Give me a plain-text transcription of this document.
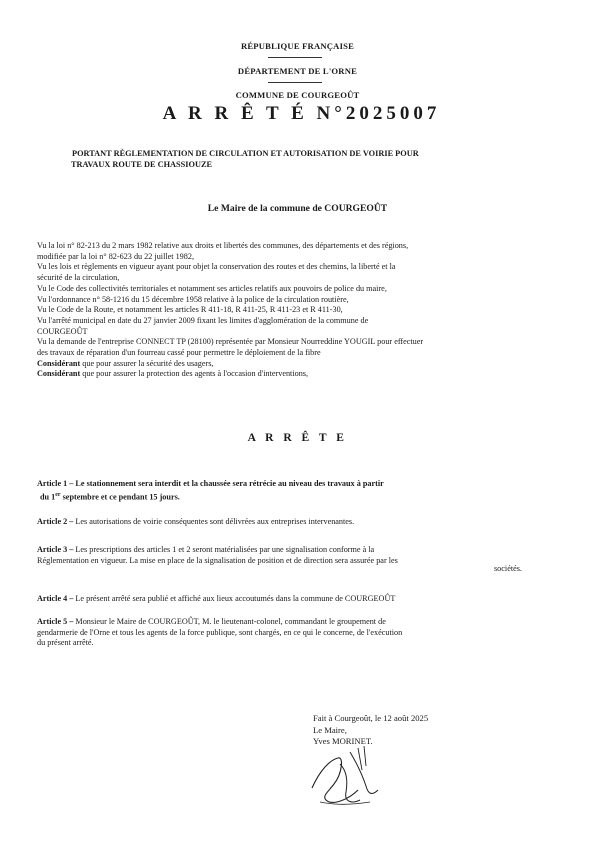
RÉPUBLIQUE FRANÇAISE
DÉPARTEMENT DE L'ORNE
COMMUNE DE COURGEOÛT
A R R Ê T É N°2025007
PORTANT RÈGLEMENTATION DE CIRCULATION ET AUTORISATION DE VOIRIE POUR
TRAVAUX ROUTE DE CHASSIOUZE
Le Maire de la commune de COURGEOÛT
Vu la loi n° 82-213 du 2 mars 1982 relative aux droits et libertés des communes, des départements et des régions,
modifiée par la loi n° 82-623 du 22 juillet 1982,
Vu les lois et règlements en vigueur ayant pour objet la conservation des routes et des chemins, la liberté et la
sécurité de la circulation,
Vu le Code des collectivités territoriales et notamment ses articles relatifs aux pouvoirs de police du maire,
Vu l'ordonnance n° 58-1216 du 15 décembre 1958 relative à la police de la circulation routière,
Vu le Code de la Route, et notamment les articles R 411-18, R 411-25, R 411-23 et R 411-30,
Vu l'arrêté municipal en date du 27 janvier 2009 fixant les limites d'agglomération de la commune de
COURGEOÛT
Vu la demande de l'entreprise CONNECT TP (28100) représentée par Monsieur Nourreddine YOUGIL pour effectuer
des travaux de réparation d'un fourreau cassé pour permettre le déploiement de la fibre
Considérant que pour assurer la sécurité des usagers,
Considérant que pour assurer la protection des agents à l'occasion d'interventions,
A R R Ê T E
Article 1 – Le stationnement sera interdit et la chaussée sera rétrécie au niveau des travaux à partir
du 1er septembre et ce pendant 15 jours.
Article 2 – Les autorisations de voirie conséquentes sont délivrées aux entreprises intervenantes.
Article 3 – Les prescriptions des articles 1 et 2 seront matérialisées par une signalisation conforme à la
Réglementation en vigueur. La mise en place de la signalisation de position et de direction sera assurée par les
sociétés.
Article 4 – Le présent arrêté sera publié et affiché aux lieux accoutumés dans la commune de COURGEOÛT
Article 5 – Monsieur le Maire de COURGEOÛT, M. le lieutenant-colonel, commandant le groupement de
gendarmerie de l'Orne et tous les agents de la force publique, sont chargés, en ce qui le concerne, de l'exécution
du présent arrêté.
Fait à Courgeoût, le 12 août 2025
Le Maire,
Yves MORINET.
